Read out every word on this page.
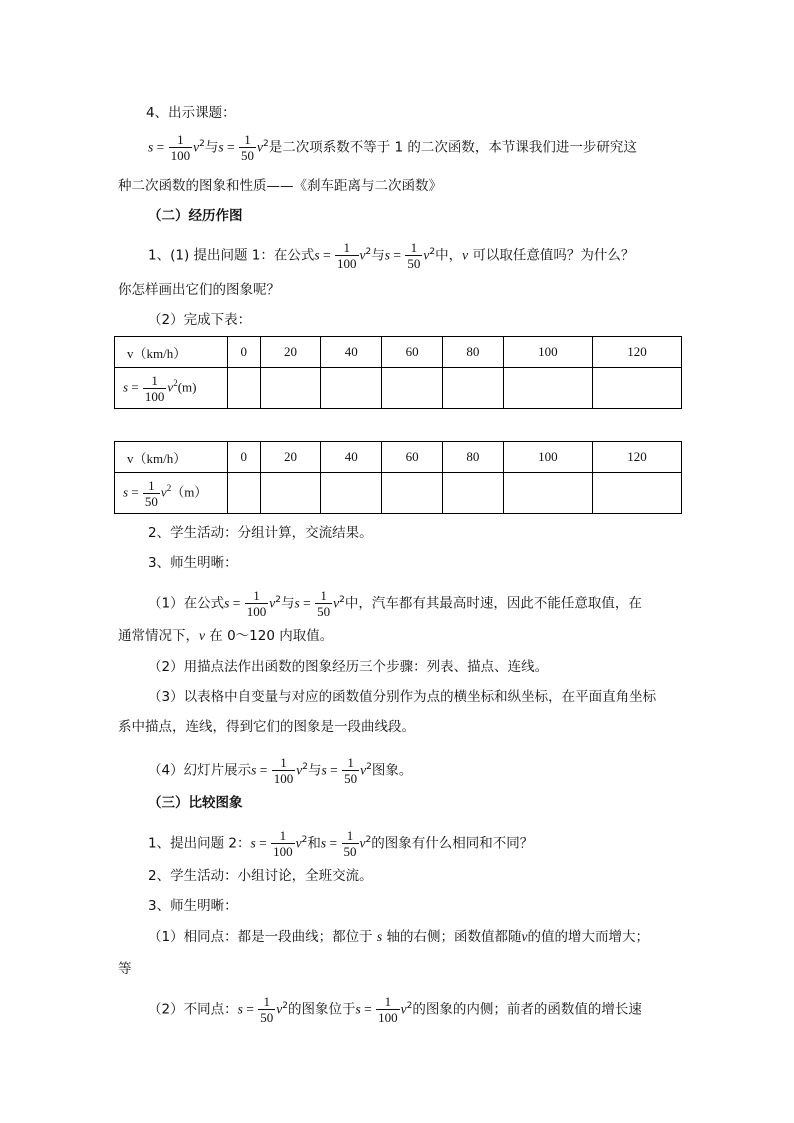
4、出示课题：
$s = \frac{1}{100} v^2$与$s = \frac{1}{50} v^2$是二次项系数不等于 1 的二次函数，本节课我们进一步研究这
种二次函数的图象和性质——《刹车距离与二次函数》
（二）经历作图
1、(1) 提出问题 1：在公式$s = \frac{1}{100} v^2$与$s = \frac{1}{50} v^2$中，v 可以取任意值吗？为什么？
你怎样画出它们的图象呢？
（2）完成下表：
v（km/h）	0	20	40	60	80	100	120
$s = \frac{1}{100} v^2(m)$							
v（km/h）	0	20	40	60	80	100	120
$s = \frac{1}{50} v^2(m)$							
2、学生活动：分组计算，交流结果。
3、师生明晰：
（1）在公式$s = \frac{1}{100} v^2$与$s = \frac{1}{50} v^2$中，汽车都有其最高时速，因此不能任意取值，在
通常情况下，v 在 0～120 内取值。
（2）用描点法作出函数的图象经历三个步骤：列表、描点、连线。
（3）以表格中自变量与对应的函数值分别作为点的横坐标和纵坐标，在平面直角坐标
系中描点，连线，得到它们的图象是一段曲线段。
（4）幻灯片展示$s = \frac{1}{100} v^2$与$s = \frac{1}{50} v^2$图象。
（三）比较图象
1、提出问题 2：$s = \frac{1}{100} v^2$和$s = \frac{1}{50} v^2$的图象有什么相同和不同？
2、学生活动：小组讨论，全班交流。
3、师生明晰：
（1）相同点：都是一段曲线；都位于 s 轴的右侧；函数值都随v的值的增大而增大；
等
（2）不同点：$s = \frac{1}{50} v^2$的图象位于$s = \frac{1}{100} v^2$的图象的内侧；前者的函数值的增长速
